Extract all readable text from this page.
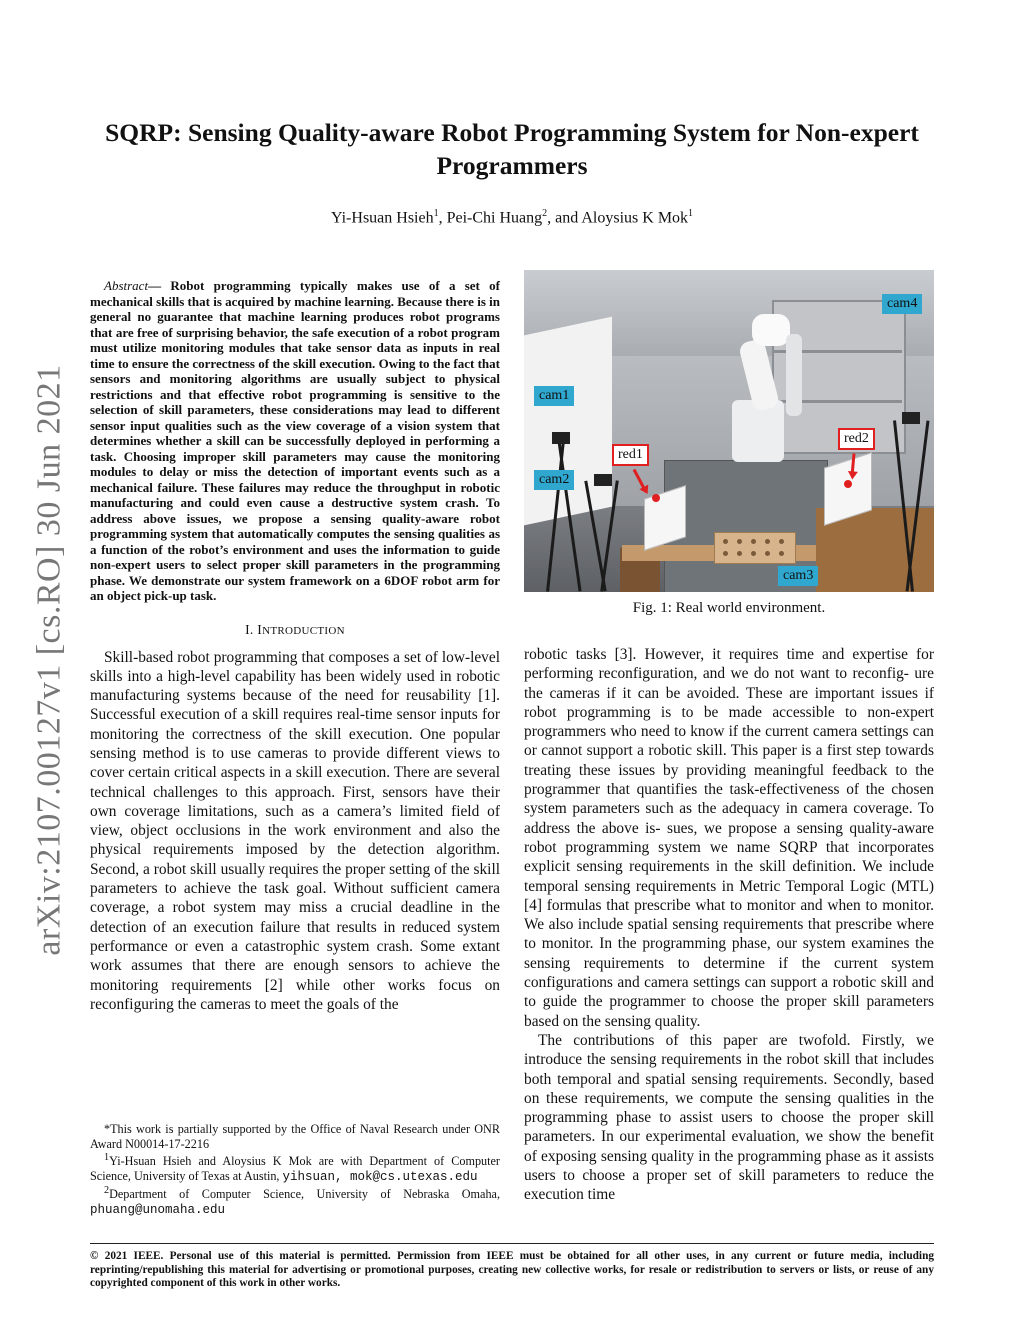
arXiv:2107.00127v1 [cs.RO] 30 Jun 2021
SQRP: Sensing Quality-aware Robot Programming System for Non-expert Programmers
Yi-Hsuan Hsieh$^1$, Pei-Chi Huang$^2$, and Aloysius K Mok$^1$

Abstract— Robot programming typically makes use of a set of mechanical skills that is acquired by machine learning. Because there is in general no guarantee that machine learning produces robot programs that are free of surprising behavior, the safe execution of a robot program must utilize monitoring modules that take sensor data as inputs in real time to ensure the correctness of the skill execution. Owing to the fact that sensors and monitoring algorithms are usually subject to physical restrictions and that effective robot programming is sensitive to the selection of skill parameters, these considerations may lead to different sensor input qualities such as the view coverage of a vision system that determines whether a skill can be successfully deployed in performing a task. Choosing improper skill parameters may cause the monitoring modules to delay or miss the detection of important events such as a mechanical failure. These failures may reduce the throughput in robotic manufacturing and could even cause a destructive system crash. To address above issues, we propose a sensing quality-aware robot programming system that automatically computes the sensing qualities as a function of the robot’s environment and uses the information to guide non-expert users to select proper skill parameters in the programming phase. We demonstrate our system framework on a 6DOF robot arm for an object pick-up task.

I. INTRODUCTION

Skill-based robot programming that composes a set of low-level skills into a high-level capability has been widely used in robotic manufacturing systems because of the need for reusability [1]. Successful execution of a skill requires real-time sensor inputs for monitoring the correctness of the skill execution. One popular sensing method is to use cameras to provide different views to cover certain critical aspects in a skill execution. There are several technical challenges to this approach. First, sensors have their own coverage limitations, such as a camera’s limited field of view, object occlusions in the work environment and also the physical requirements imposed by the detection algorithm. Second, a robot skill usually requires the proper setting of the skill parameters to achieve the task goal. Without sufficient camera coverage, a robot system may miss a crucial deadline in the detection of an execution failure that results in reduced system performance or even a catastrophic system crash. Some extant work assumes that there are enough sensors to achieve the monitoring requirements [2] while other works focus on reconfiguring the cameras to meet the goals of the

*This work is partially supported by the Office of Naval Research under ONR Award N00014-17-2216

$^1$Yi-Hsuan Hsieh and Aloysius K Mok are with Department of Computer Science, University of Texas at Austin, yihsuan, mok@cs.utexas.edu

$^2$Department of Computer Science, University of Nebraska Omaha, phuang@unomaha.edu

cam4
cam1
cam2
cam3
red1
red2
Fig. 1: Real world environment.

robotic tasks [3]. However, it requires time and expertise for performing reconfiguration, and we do not want to reconfig- ure the cameras if it can be avoided. These are important issues if robot programming is to be made accessible to non-expert programmers who need to know if the current camera settings can or cannot support a robotic skill. This paper is a first step towards treating these issues by providing meaningful feedback to the programmer that quantifies the task-effectiveness of the chosen system parameters such as the adequacy in camera coverage. To address the above is- sues, we propose a sensing quality-aware robot programming system we name SQRP that incorporates explicit sensing requirements in the skill definition. We include temporal sensing requirements in Metric Temporal Logic (MTL) [4] formulas that prescribe what to monitor and when to monitor. We also include spatial sensing requirements that prescribe where to monitor. In the programming phase, our system examines the sensing requirements to determine if the current system configurations and camera settings can support a robotic skill and to guide the programmer to choose the proper skill parameters based on the sensing quality.

The contributions of this paper are twofold. Firstly, we introduce the sensing requirements in the robot skill that includes both temporal and spatial sensing requirements. Secondly, based on these requirements, we compute the sensing qualities in the programming phase to assist users to choose the proper skill parameters. In our experimental evaluation, we show the benefit of exposing sensing quality in the programming phase as it assists users to choose a proper set of skill parameters to reduce the execution time

© 2021 IEEE. Personal use of this material is permitted. Permission from IEEE must be obtained for all other uses, in any current or future media, including reprinting/republishing this material for advertising or promotional purposes, creating new collective works, for resale or redistribution to servers or lists, or reuse of any copyrighted component of this work in other works.
